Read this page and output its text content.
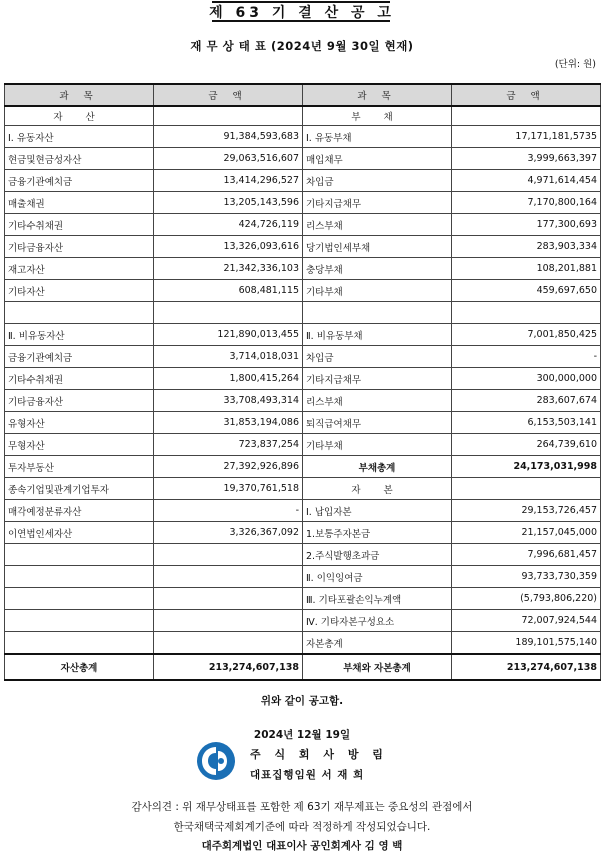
제 63 기 결 산 공 고
재 무 상 태 표 (2024년 9월 30일 현재)
(단위: 원)
과 목	금 액	과 목	금 액
자 산		부 채	
Ⅰ. 유동자산	91,384,593,683	Ⅰ. 유동부채	17,171,181,5735
현금및현금성자산	29,063,516,607	매입채무	3,999,663,397
금융기관예치금	13,414,296,527	차입금	4,971,614,454
매출채권	13,205,143,596	기타지급채무	7,170,800,164
기타수취채권	424,726,119	리스부채	177,300,693
기타금융자산	13,326,093,616	당기법인세부채	283,903,334
재고자산	21,342,336,103	충당부채	108,201,881
기타자산	608,481,115	기타부채	459,697,650

Ⅱ. 비유동자산	121,890,013,455	Ⅱ. 비유동부채	7,001,850,425
금융기관예치금	3,714,018,031	차입금	-
기타수취채권	1,800,415,264	기타지급채무	300,000,000
기타금융자산	33,708,493,314	리스부채	283,607,674
유형자산	31,853,194,086	퇴직급여채무	6,153,503,141
무형자산	723,837,254	기타부채	264,739,610
투자부동산	27,392,926,896	부채총계	24,173,031,998
종속기업및관계기업투자	19,370,761,518	자 본	
매각예정분류자산	-	Ⅰ. 납입자본	29,153,726,457
이연법인세자산	3,326,367,092	1.보통주자본금	21,157,045,000
		2.주식발행초과금	7,996,681,457
		Ⅱ. 이익잉여금	93,733,730,359
		Ⅲ. 기타포괄손익누계액	(5,793,806,220)
		Ⅳ. 기타자본구성요소	72,007,924,544
		자본총계	189,101,575,140
자산총계	213,274,607,138	부채와 자본총계	213,274,607,138
위와 같이 공고함.
2024년 12월 19일
주 식 회 사 방 림
대표집행임원 서 재 희
감사의견 : 위 재무상태표를 포함한 제 63기 재무제표는 중요성의 관점에서
한국채택국제회계기준에 따라 적정하게 작성되었습니다.
대주회계법인 대표이사 공인회계사 김 영 백
